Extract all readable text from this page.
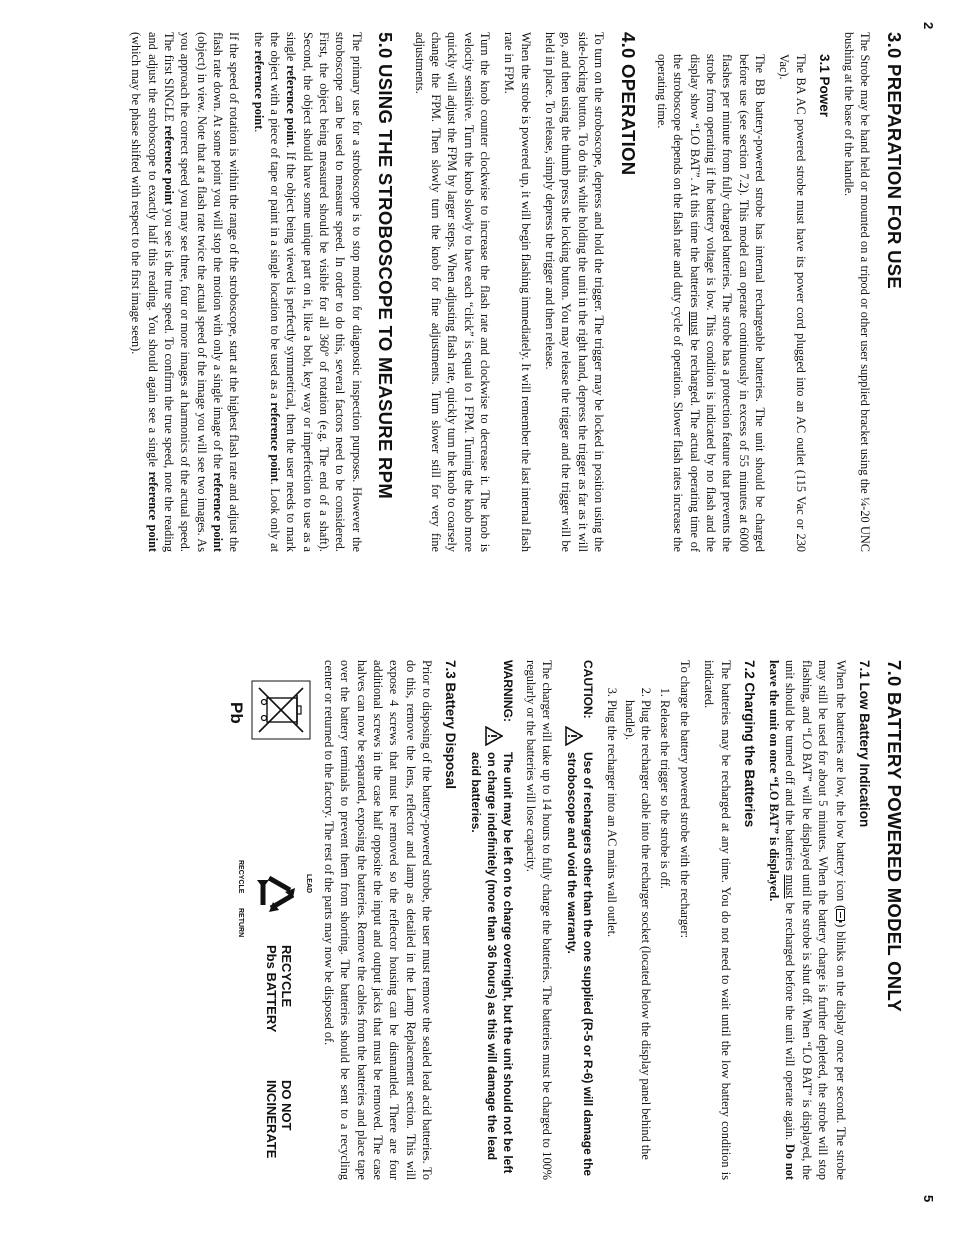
2
3.0 PREPARATION FOR USE

The Strobe may be hand held or mounted on a tripod or other user supplied bracket using the ¼-20 UNC bushing at the base of the handle.

3.1 Power

The BA AC powered strobe must have its power cord plugged into an AC outlet (115 Vac or 230 Vac).

The BB battery-powered strobe has internal rechargeable batteries. The unit should be charged before use (see section 7.2). This model can operate continuously in excess of 55 minutes at 6000 flashes per minute from fully charged batteries. The strobe has a protection feature that prevents the strobe from operating if the battery voltage is low. This condition is indicated by no flash and the display show “LO BAT”. At this time the batteries must be recharged. The actual operating time of the stroboscope depends on the flash rate and duty cycle of operation. Slower flash rates increase the operating time.

4.0 OPERATION

To turn on the stroboscope, depress and hold the trigger. The trigger may be locked in position using the side-locking button. To do this while holding the unit in the right hand, depress the trigger as far as it will go, and then using the thumb press the locking button. You may release the trigger and the trigger will be held in place. To release, simply depress the trigger and then release.

When the strobe is powered up, it will begin flashing immediately. It will remember the last internal flash rate in FPM.

Turn the knob counter clockwise to increase the flash rate and clockwise to decrease it. The knob is velocity sensitive. Turn the knob slowly to have each “click” is equal to 1 FPM. Turning the knob more quickly will adjust the FPM by larger steps. When adjusting flash rate, quickly turn the knob to coarsely change the FPM. Then slowly turn the knob for fine adjustments. Turn slower still for very fine adjustments.

5.0 USING THE STROBOSCOPE TO MEASURE RPM

The primary use for a stroboscope is to stop motion for diagnostic inspection purposes. However the stroboscope can be used to measure speed. In order to do this, several factors need to be considered. First, the object being measured should be visible for all 360º of rotation (e.g. The end of a shaft). Second, the object should have some unique part on it, like a bolt, key way or imperfection to use as a single reference point. If the object being viewed is perfectly symmetrical, then the user needs to mark the object with a piece of tape or paint in a single location to be used as a reference point. Look only at the reference point.

If the speed of rotation is within the range of the stroboscope, start at the highest flash rate and adjust the flash rate down. At some point you will stop the motion with only a single image of the reference point (object) in view. Note that at a flash rate twice the actual speed of the image you will see two images. As you approach the correct speed you may see three, four or more images at harmonics of the actual speed. The first SINGLE reference point you see is the true speed. To confirm the true speed, note the reading and adjust the stroboscope to exactly half this reading. You should again see a single reference point (which may be phase shifted with respect to the first image seen).

5
7.0 BATTERY POWERED MODEL ONLY
7.1 Low Battery Indication

When the batteries are low, the low battery icon () blinks on the display once per second. The strobe may still be used for about 5 minutes. When the battery charge is further depleted, the strobe will stop flashing, and “LO BAT” will be displayed until the strobe is shut off. When “LO BAT” is displayed, the unit should be turned off and the batteries must be recharged before the unit will operate again. Do not leave the unit on once “LO BAT” is displayed.

7.2 Charging the Batteries

The batteries may be recharged at any time. You do not need to wait until the low battery condition is indicated.

To charge the battery powered strobe with the recharger:

1. Release the trigger so the strobe is off.
2. Plug the recharger cable into the recharger socket (located below the display panel behind the handle).
3. Plug the recharger into an AC mains wall outlet.
CAUTION:
Use of rechargers other than the one supplied (R-5 or R-6) will damage the stroboscope and void the warranty.

The charger will take up to 14 hours to fully charge the batteries. The batteries must be charged to 100% regularly or the batteries will lose capacity.

WARNING:
The unit may be left on to charge overnight, but the unit should not be left on charge indefinitely (more than 36 hours) as this will damage the lead acid batteries.
7.3 Battery Disposal

Prior to disposing of the battery-powered strobe, the user must remove the sealed lead acid batteries. To do this, remove the lens, reflector and lamp as detailed in the Lamp Replacement section. This will expose 4 screws that must be removed so the reflector housing can be dismantled. There are four additional screws in the case half opposite the input and output jacks that must be removed. The case halves can now be separated, exposing the batteries. Remove the cables from the batteries and place tape over the battery terminals to prevent them from shorting. The batteries should be sent to a recycling center or returned to the factory. The rest of the parts may now be disposed of.

Pb
LEAD
RETURN
RECYCLE
RECYCLE
Pbs BATTERY
DO NOT
INCINERATE
